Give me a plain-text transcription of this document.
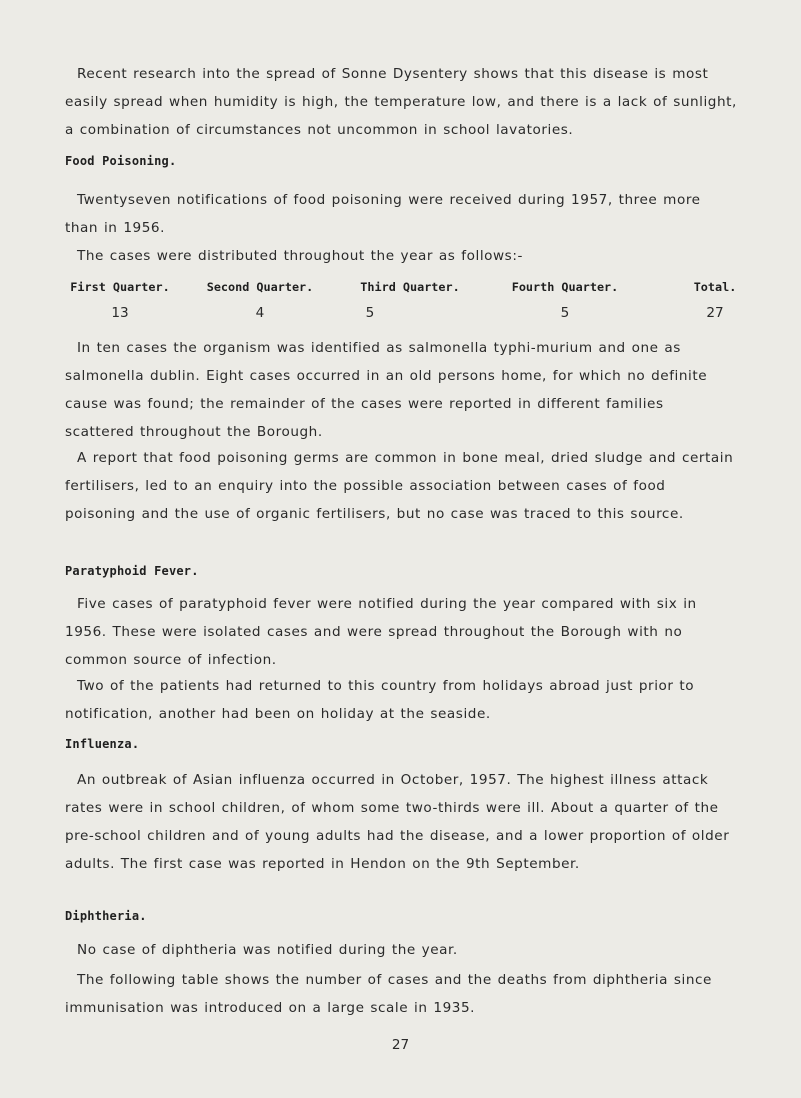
Recent research into the spread of Sonne Dysentery shows that this disease is most easily spread when humidity is high, the temperature low, and there is a lack of sunlight, a combination of circumstances not uncommon in school lavatories.

Food Poisoning.

Twentyseven notifications of food poisoning were received during 1957, three more than in 1956.

The cases were distributed throughout the year as follows:-

First Quarter.	Second Quarter.	Third Quarter.	Fourth Quarter.	Total.
13	4	5	5	27

In ten cases the organism was identified as salmonella typhi-murium and one as salmonella dublin. Eight cases occurred in an old persons home, for which no definite cause was found; the remainder of the cases were reported in different families scattered throughout the Borough.

A report that food poisoning germs are common in bone meal, dried sludge and certain fertilisers, led to an enquiry into the possible association between cases of food poisoning and the use of organic fertilisers, but no case was traced to this source.

Paratyphoid Fever.

Five cases of paratyphoid fever were notified during the year compared with six in 1956. These were isolated cases and were spread throughout the Borough with no common source of infection.

Two of the patients had returned to this country from holidays abroad just prior to notification, another had been on holiday at the seaside.

Influenza.

An outbreak of Asian influenza occurred in October, 1957. The highest illness attack rates were in school children, of whom some two-thirds were ill. About a quarter of the pre-school children and of young adults had the disease, and a lower proportion of older adults. The first case was reported in Hendon on the 9th September.

Diphtheria.

No case of diphtheria was notified during the year.

The following table shows the number of cases and the deaths from diphtheria since immunisation was introduced on a large scale in 1935.

27
